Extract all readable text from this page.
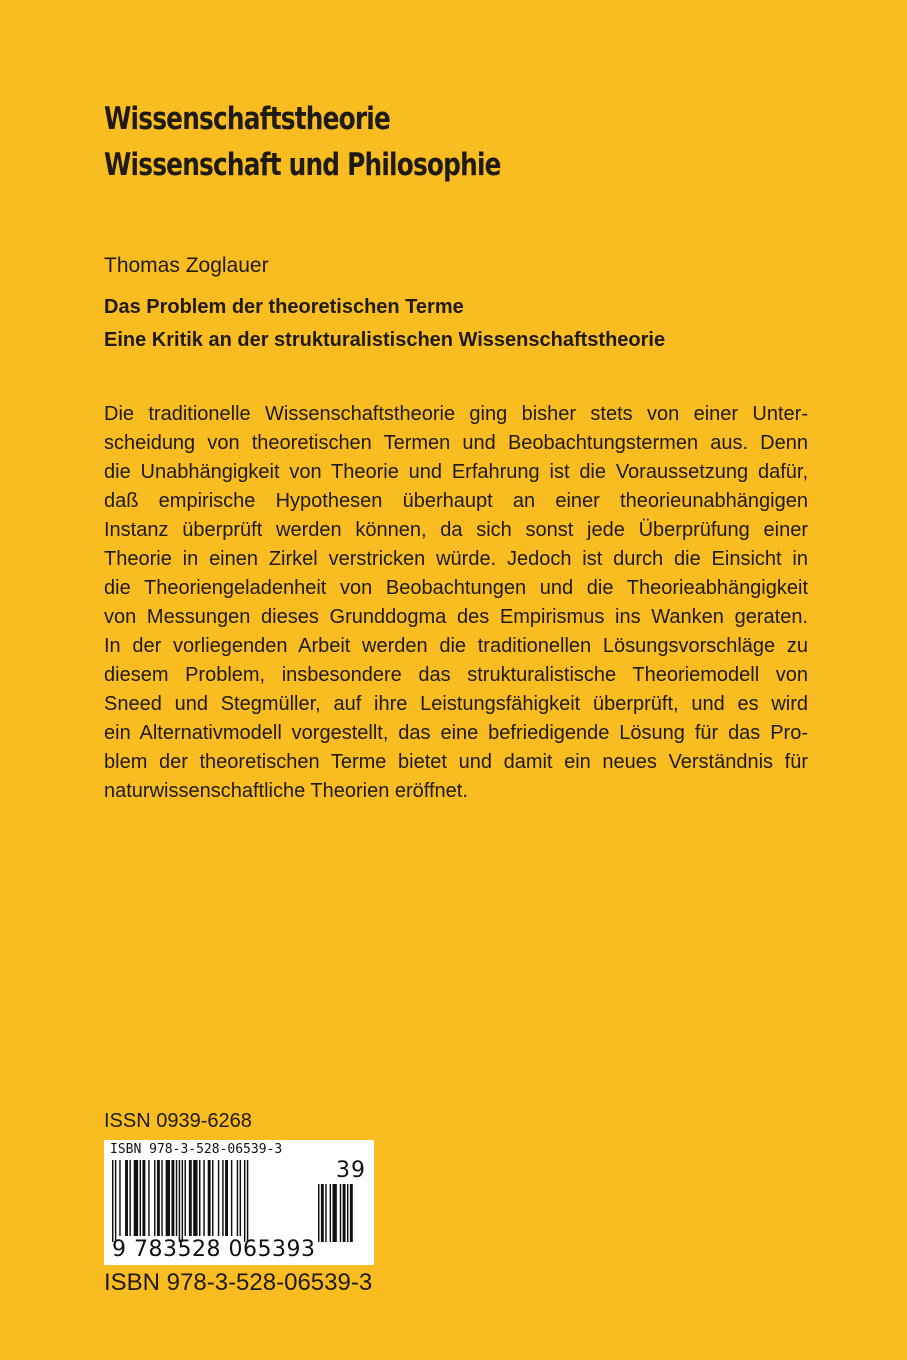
Wissenschaftstheorie
Wissenschaft und Philosophie
Thomas Zoglauer
Das Problem der theoretischen Terme
Eine Kritik an der strukturalistischen Wissenschaftstheorie
Die traditionelle Wissenschaftstheorie ging bisher stets von einer Unter-
scheidung von theoretischen Termen und Beobachtungstermen aus. Denn
die Unabhängigkeit von Theorie und Erfahrung ist die Voraussetzung dafür,
daß empirische Hypothesen überhaupt an einer theorieunabhängigen
Instanz überprüft werden können, da sich sonst jede Überprüfung einer
Theorie in einen Zirkel verstricken würde. Jedoch ist durch die Einsicht in
die Theoriengeladenheit von Beobachtungen und die Theorieabhängigkeit
von Messungen dieses Grunddogma des Empirismus ins Wanken geraten.
In der vorliegenden Arbeit werden die traditionellen Lösungsvorschläge zu
diesem Problem, insbesondere das strukturalistische Theoriemodell von
Sneed und Stegmüller, auf ihre Leistungsfähigkeit überprüft, und es wird
ein Alternativmodell vorgestellt, das eine befriedigende Lösung für das Pro-
blem der theoretischen Terme bietet und damit ein neues Verständnis für
naturwissenschaftliche Theorien eröffnet.
ISSN 0939-6268
ISBN 978-3-528-06539-3
9 783528 065393
39
ISBN 978-3-528-06539-3
